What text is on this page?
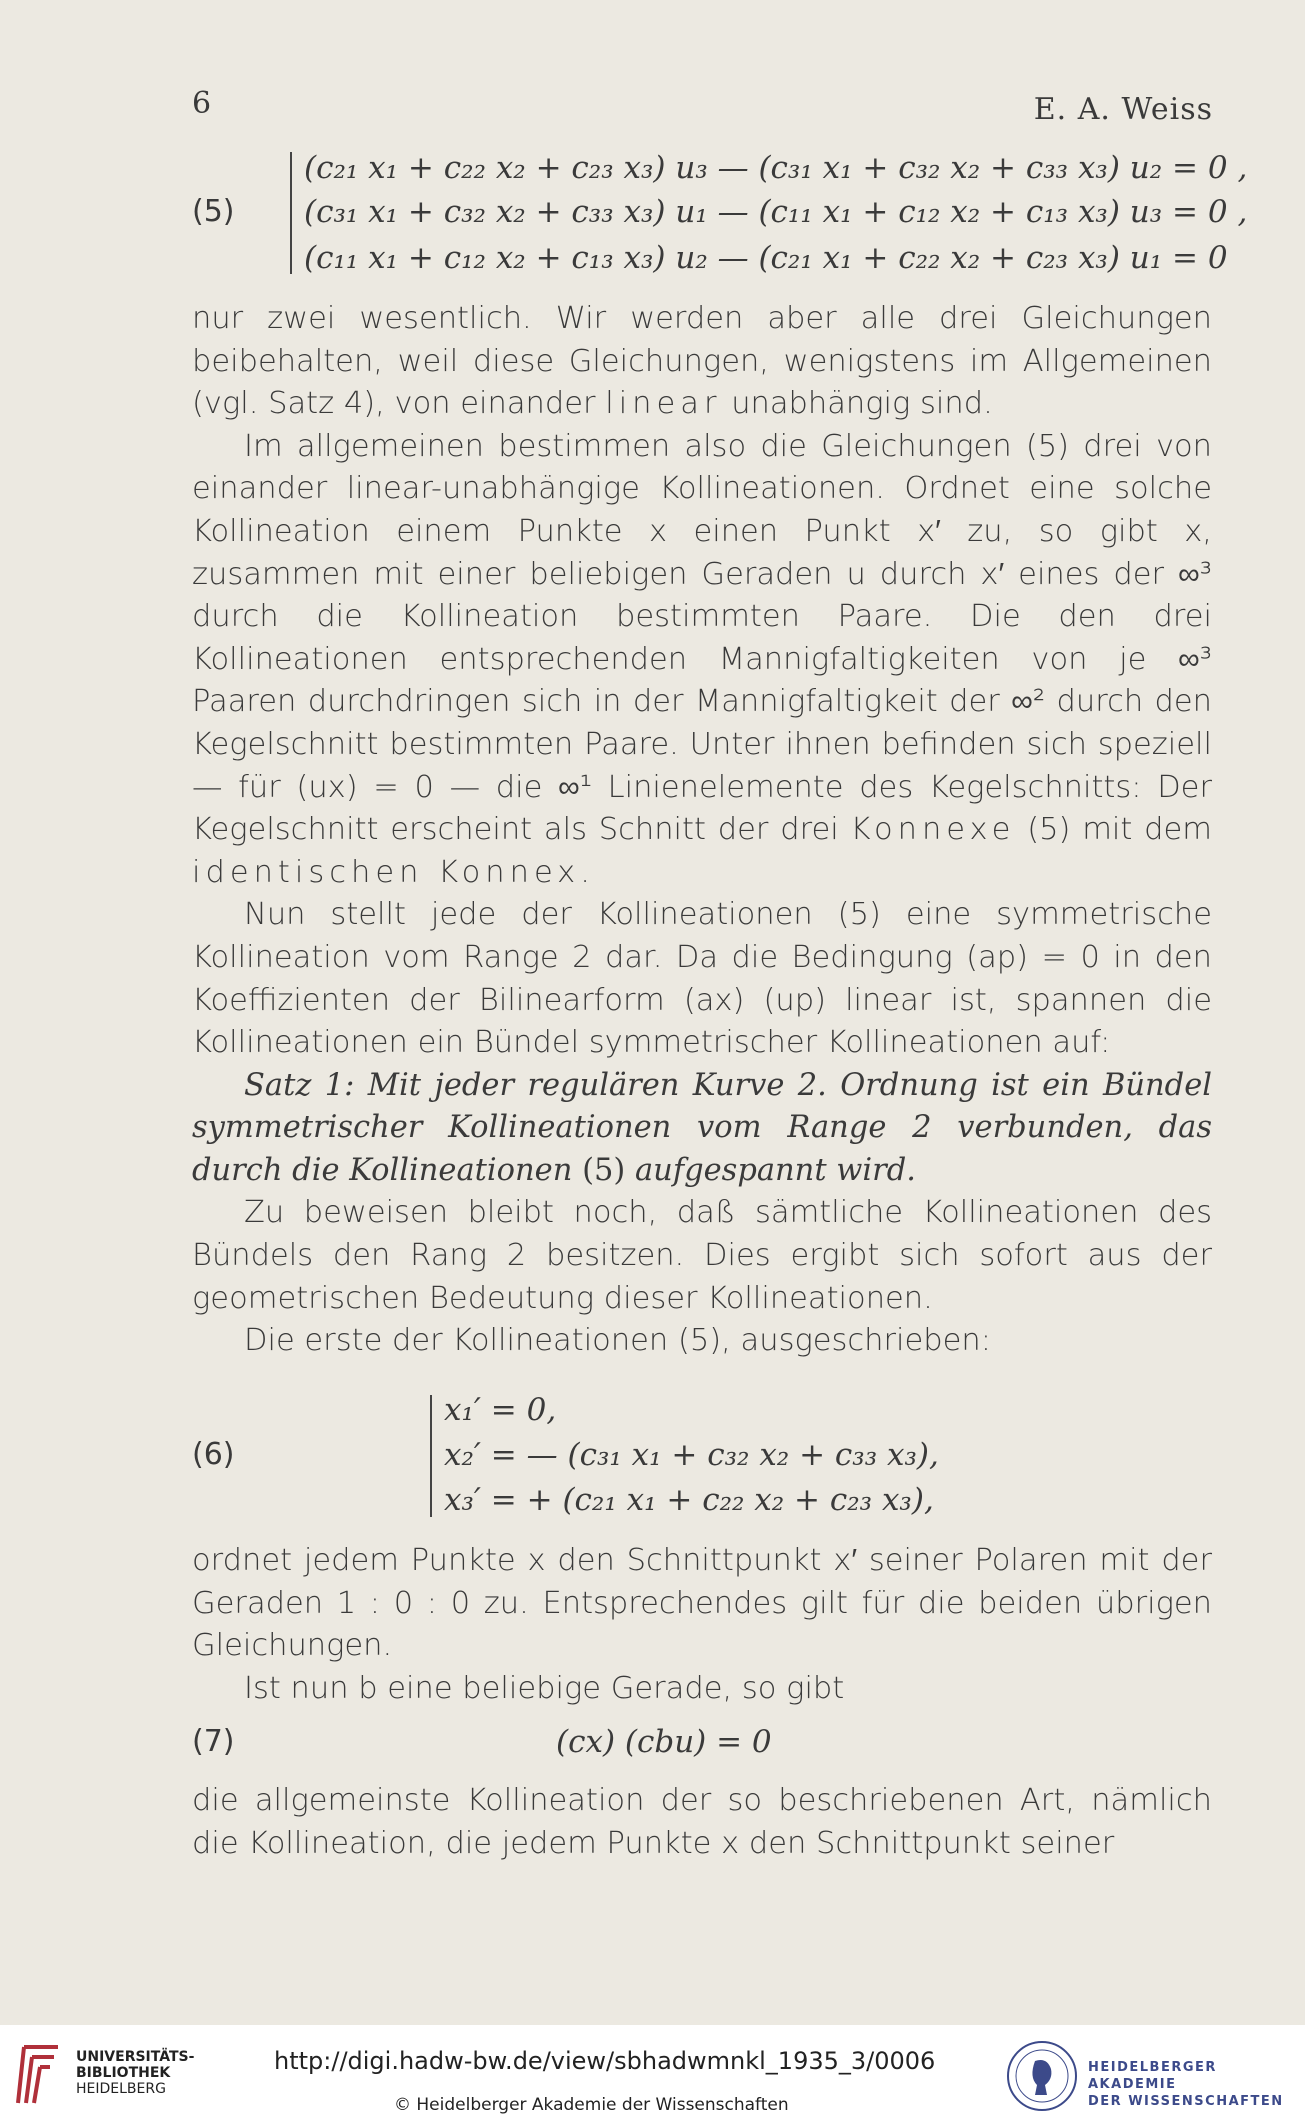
6	E. A. Weiss
(5)
(c₂₁ x₁ + c₂₂ x₂ + c₂₃ x₃) u₃ — (c₃₁ x₁ + c₃₂ x₂ + c₃₃ x₃) u₂ = 0 ,
(c₃₁ x₁ + c₃₂ x₂ + c₃₃ x₃) u₁ — (c₁₁ x₁ + c₁₂ x₂ + c₁₃ x₃) u₃ = 0 ,
(c₁₁ x₁ + c₁₂ x₂ + c₁₃ x₃) u₂ — (c₂₁ x₁ + c₂₂ x₂ + c₂₃ x₃) u₁ = 0

nur zwei wesentlich. Wir werden aber alle drei Gleichungen beibehalten, weil diese Gleichungen, wenigstens im Allgemeinen (vgl. Satz 4), von einander linear unabhängig sind.

Im allgemeinen bestimmen also die Gleichungen (5) drei von einander linear-unabhängige Kollineationen. Ordnet eine solche Kollineation einem Punkte x einen Punkt x′ zu, so gibt x, zusammen mit einer beliebigen Geraden u durch x′ eines der ∞³ durch die Kollineation bestimmten Paare. Die den drei Kollineationen entsprechenden Mannigfaltigkeiten von je ∞³ Paaren durchdringen sich in der Mannigfaltigkeit der ∞² durch den Kegelschnitt bestimmten Paare. Unter ihnen befinden sich speziell — für (ux) = 0 — die ∞¹ Linienelemente des Kegelschnitts: Der Kegelschnitt erscheint als Schnitt der drei Konnexe (5) mit dem identischen Konnex.

Nun stellt jede der Kollineationen (5) eine symmetrische Kollineation vom Range 2 dar. Da die Bedingung (ap) = 0 in den Koeffizienten der Bilinearform (ax) (up) linear ist, spannen die Kollineationen ein Bündel symmetrischer Kollineationen auf:

Satz 1: Mit jeder regulären Kurve 2. Ordnung ist ein Bündel symmetrischer Kollineationen vom Range 2 verbunden, das durch die Kollineationen (5) aufgespannt wird.

Zu beweisen bleibt noch, daß sämtliche Kollineationen des Bündels den Rang 2 besitzen. Dies ergibt sich sofort aus der geometrischen Bedeutung dieser Kollineationen.

Die erste der Kollineationen (5), ausgeschrieben:

(6)
x₁′ = 0,
x₂′ = — (c₃₁ x₁ + c₃₂ x₂ + c₃₃ x₃),
x₃′ = + (c₂₁ x₁ + c₂₂ x₂ + c₂₃ x₃),

ordnet jedem Punkte x den Schnittpunkt x′ seiner Polaren mit der Geraden 1 : 0 : 0 zu. Entsprechendes gilt für die beiden übrigen Gleichungen.

Ist nun b eine beliebige Gerade, so gibt

(7)	(cx) (cbu) = 0

die allgemeinste Kollineation der so beschriebenen Art, nämlich die Kollineation, die jedem Punkte x den Schnittpunkt seiner

UNIVERSITÄTS-
BIBLIOTHEK
HEIDELBERG
http://digi.hadw-bw.de/view/sbhadwmnkl_1935_3/0006
© Heidelberger Akademie der Wissenschaften
HEIDELBERGER AKADEMIE
DER WISSENSCHAFTEN
